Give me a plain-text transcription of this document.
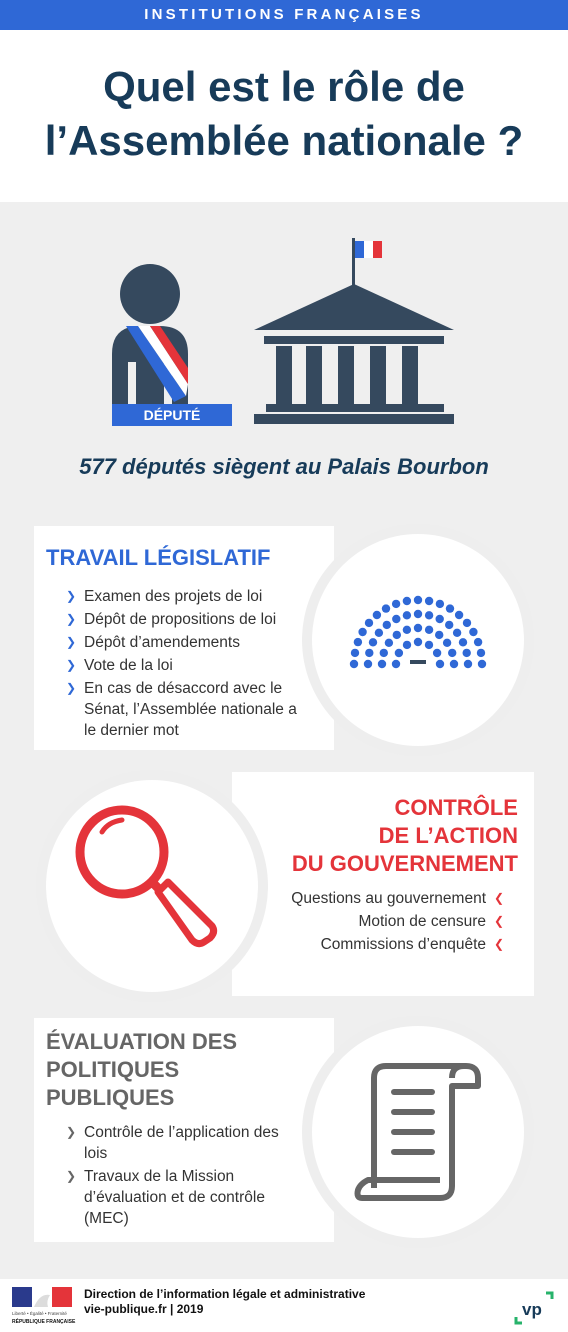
INSTITUTIONS FRANÇAISES
Quel est le rôle de
l’Assemblée nationale ?
DÉPUTÉ
577 députés siègent au Palais Bourbon
TRAVAIL LÉGISLATIF
❯ Examen des projets de loi
❯ Dépôt de propositions de loi
❯ Dépôt d’amendements
❯ Vote de la loi
❯ En cas de désaccord avec le Sénat, l’Assemblée nationale a le dernier mot
CONTRÔLE
DE L’ACTION
DU GOUVERNEMENT
Questions au gouvernement ❮
Motion de censure ❮
Commissions d’enquête ❮
ÉVALUATION DES
POLITIQUES
PUBLIQUES
❯ Contrôle de l’application des lois
❯ Travaux de la Mission d’évaluation et de contrôle (MEC)
Liberté • Égalité • Fraternité
RÉPUBLIQUE FRANÇAISE
vp
Direction de l’information légale et administrative
vie-publique.fr | 2019
